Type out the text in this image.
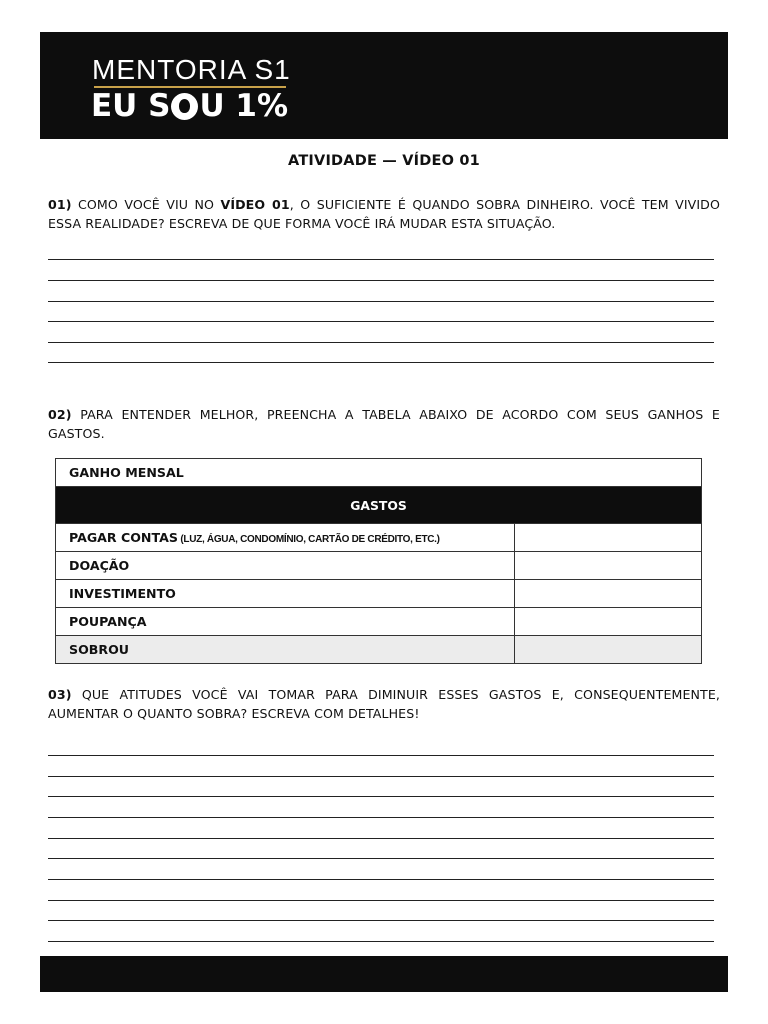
MENTORIA S1
EU S U 1%
ATIVIDADE — VÍDEO 01
01) COMO VOCÊ VIU NO VÍDEO 01, O SUFICIENTE É QUANDO SOBRA DINHEIRO. VOCÊ TEM VIVIDO ESSA REALIDADE? ESCREVA DE QUE FORMA VOCÊ IRÁ MUDAR ESTA SITUAÇÃO.
02) PARA ENTENDER MELHOR, PREENCHA A TABELA ABAIXO DE ACORDO COM SEUS GANHOS E GASTOS.
GANHO MENSAL	
GASTOS	
PAGAR CONTAS (LUZ, ÁGUA, CONDOMÍNIO, CARTÃO DE CRÉDITO, ETC.)	
DOAÇÃO	
INVESTIMENTO	
POUPANÇA	
SOBROU	
03) QUE ATITUDES VOCÊ VAI TOMAR PARA DIMINUIR ESSES GASTOS E, CONSEQUENTEMENTE, AUMENTAR O QUANTO SOBRA? ESCREVA COM DETALHES!
